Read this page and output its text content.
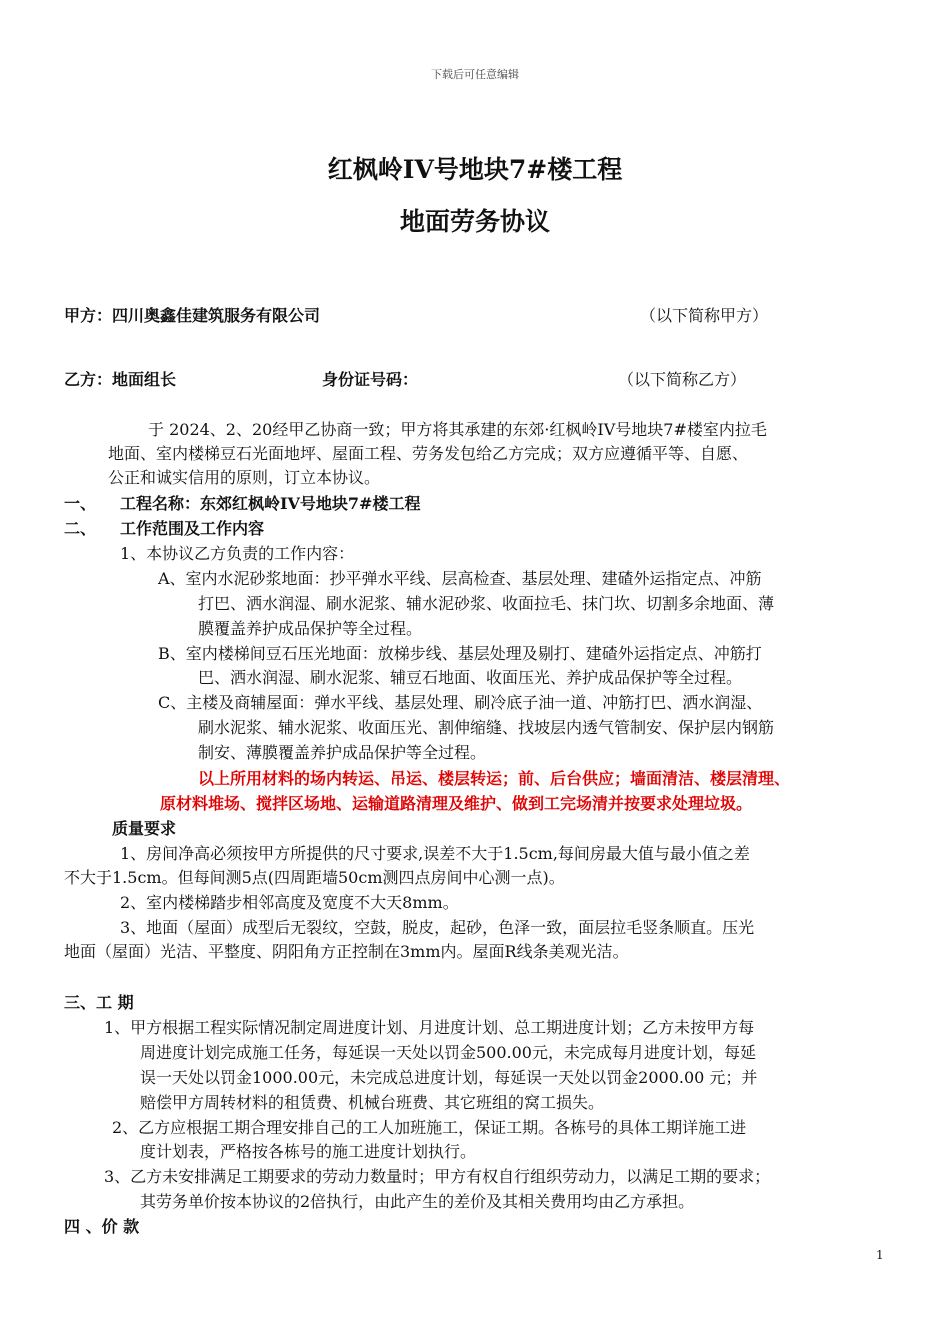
下载后可任意编辑
红枫岭IV号地块7#楼工程
地面劳务协议
甲方：四川奥鑫佳建筑服务有限公司	（以下简称甲方）
乙方：地面组长	身份证号码：	（以下简称乙方）
于 2024、2、20经甲乙协商一致；甲方将其承建的东郊·红枫岭IV号地块7#楼室内拉毛
地面、室内楼梯豆石光面地坪、屋面工程、劳务发包给乙方完成；双方应遵循平等、自愿、
公正和诚实信用的原则，订立本协议。
一、 工程名称：东郊红枫岭IV号地块7#楼工程
二、 工作范围及工作内容
1、本协议乙方负责的工作内容：
A、室内水泥砂浆地面：抄平弹水平线、层高检查、基层处理、建碴外运指定点、冲筋
打巴、洒水润湿、刷水泥浆、辅水泥砂浆、收面拉毛、抹门坎、切割多余地面、薄
膜覆盖养护成品保护等全过程。
B、室内楼梯间豆石压光地面：放梯步线、基层处理及剔打、建碴外运指定点、冲筋打
巴、洒水润湿、刷水泥浆、辅豆石地面、收面压光、养护成品保护等全过程。
C、主楼及商辅屋面：弹水平线、基层处理、刷冷底子油一道、冲筋打巴、洒水润湿、
刷水泥浆、辅水泥浆、收面压光、割伸缩缝、找坡层内透气管制安、保护层内钢筋
制安、薄膜覆盖养护成品保护等全过程。
以上所用材料的场内转运、吊运、楼层转运；前、后台供应；墙面清洁、楼层清理、
原材料堆场、搅拌区场地、运输道路清理及维护、做到工完场清并按要求处理垃圾。
质量要求
1、房间净高必须按甲方所提供的尺寸要求,误差不大于1.5cm,每间房最大值与最小值之差
不大于1.5cm。但每间测5点(四周距墙50cm测四点房间中心测一点)。
2、室内楼梯踏步相邻高度及宽度不大天8mm。
3、地面（屋面）成型后无裂纹，空鼓，脱皮，起砂，色泽一致，面层拉毛竖条顺直。压光
地面（屋面）光洁、平整度、阴阳角方正控制在3mm内。屋面R线条美观光洁。
三、工 期
1、甲方根据工程实际情况制定周进度计划、月进度计划、总工期进度计划；乙方未按甲方每
周进度计划完成施工任务，每延误一天处以罚金500.00元，未完成每月进度计划，每延
误一天处以罚金1000.00元，未完成总进度计划，每延误一天处以罚金2000.00 元；并
赔偿甲方周转材料的租赁费、机械台班费、其它班组的窝工损失。
2、乙方应根据工期合理安排自己的工人加班施工，保证工期。各栋号的具体工期详施工进
度计划表，严格按各栋号的施工进度计划执行。
3、乙方未安排满足工期要求的劳动力数量时；甲方有权自行组织劳动力，以满足工期的要求；
其劳务单价按本协议的2倍执行，由此产生的差价及其相关费用均由乙方承担。
四 、价 款
1
